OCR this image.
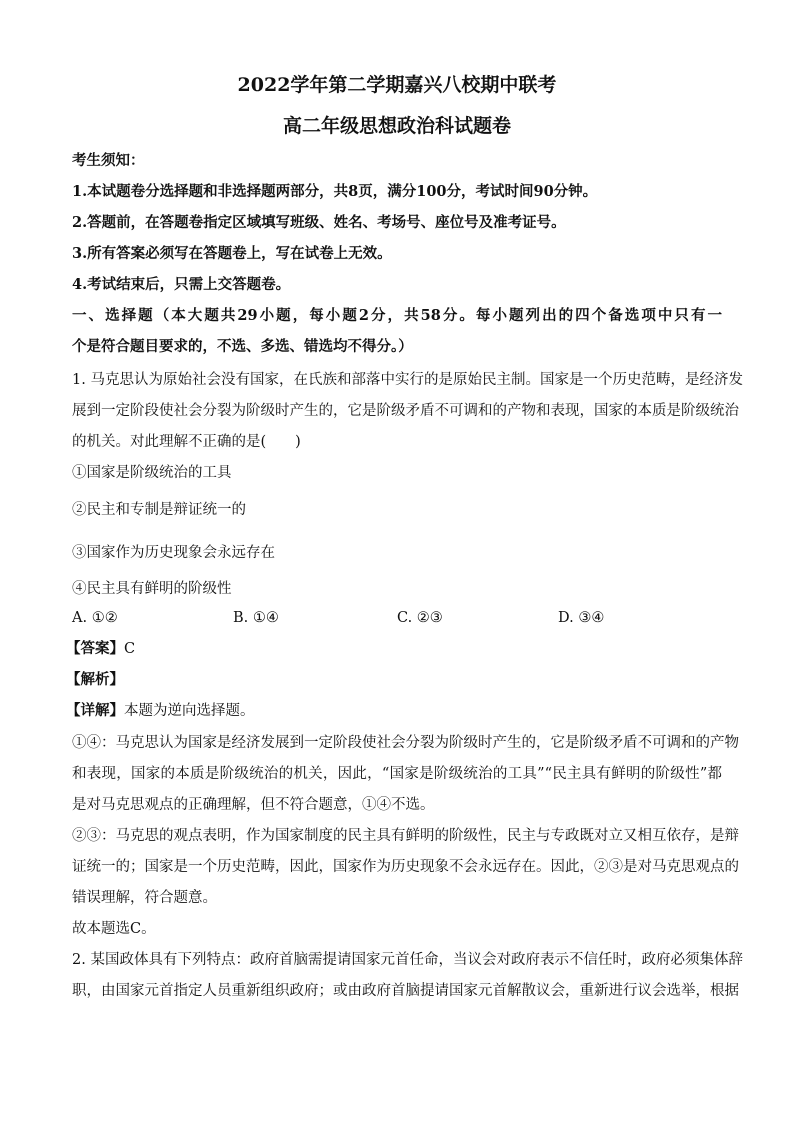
2022学年第二学期嘉兴八校期中联考
高二年级思想政治科试题卷
考生须知：
1.本试题卷分选择题和非选择题两部分，共8页，满分100分，考试时间90分钟。
2.答题前，在答题卷指定区域填写班级、姓名、考场号、座位号及准考证号。
3.所有答案必须写在答题卷上，写在试卷上无效。
4.考试结束后，只需上交答题卷。
一、选择题（本大题共29小题，每小题2分，共58分。每小题列出的四个备选项中只有一
个是符合题目要求的，不选、多选、错选均不得分。）
1. 马克思认为原始社会没有国家，在氏族和部落中实行的是原始民主制。国家是一个历史范畴，是经济发
展到一定阶段使社会分裂为阶级时产生的，它是阶级矛盾不可调和的产物和表现，国家的本质是阶级统治
的机关。对此理解不正确的是(　　)
①国家是阶级统治的工具
②民主和专制是辩证统一的
③国家作为历史现象会永远存在
④民主具有鲜明的阶级性
A. ①②	B. ①④	C. ②③	D. ③④
【答案】C
【解析】
【详解】本题为逆向选择题。
①④：马克思认为国家是经济发展到一定阶段使社会分裂为阶级时产生的，它是阶级矛盾不可调和的产物
和表现，国家的本质是阶级统治的机关，因此，“国家是阶级统治的工具”“民主具有鲜明的阶级性”都
是对马克思观点的正确理解，但不符合题意，①④不选。
②③：马克思的观点表明，作为国家制度的民主具有鲜明的阶级性，民主与专政既对立又相互依存，是辩
证统一的；国家是一个历史范畴，因此，国家作为历史现象不会永远存在。因此，②③是对马克思观点的
错误理解，符合题意。
故本题选C。
2. 某国政体具有下列特点：政府首脑需提请国家元首任命，当议会对政府表示不信任时，政府必须集体辞
职，由国家元首指定人员重新组织政府；或由政府首脑提请国家元首解散议会，重新进行议会选举，根据
